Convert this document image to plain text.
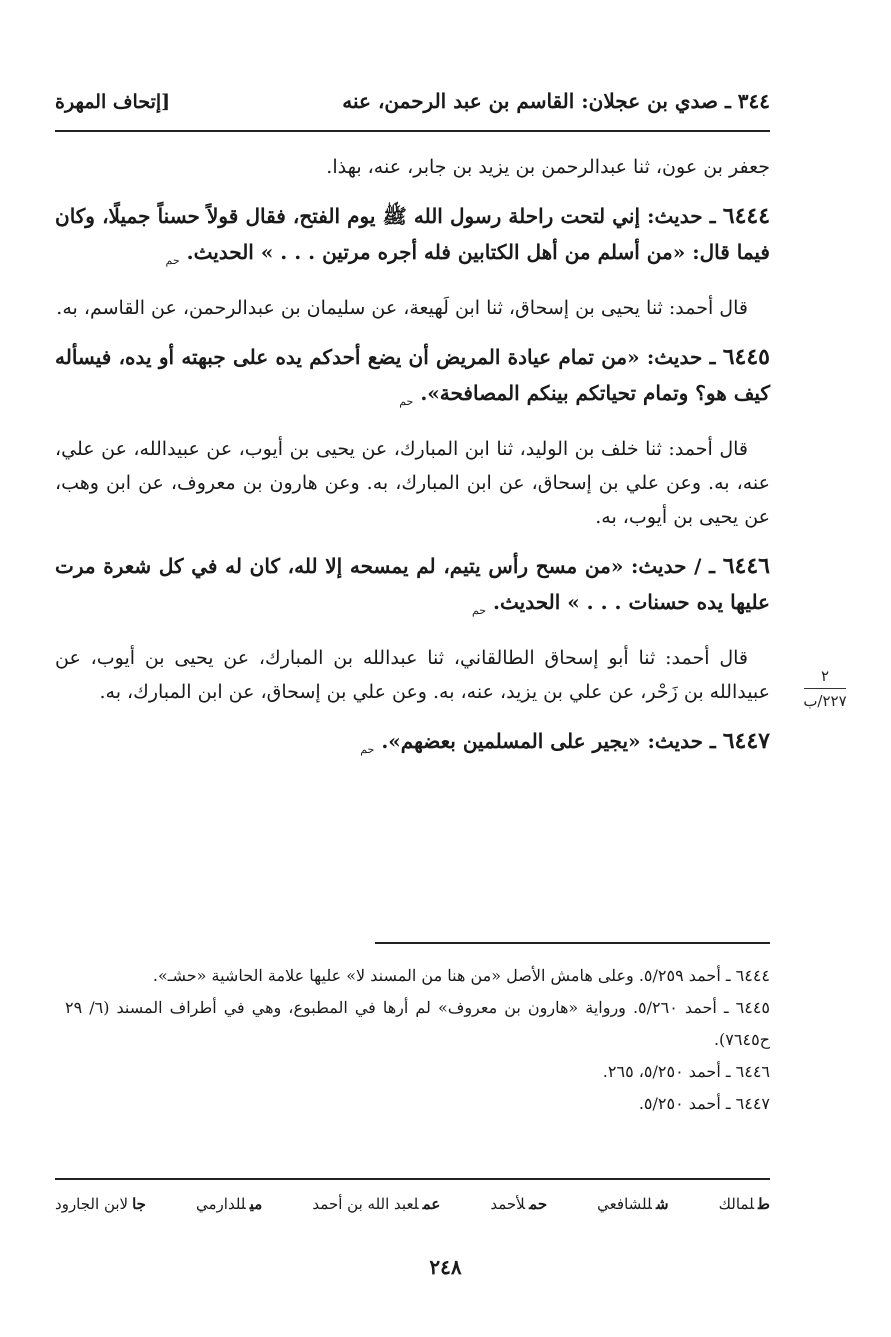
٣٤٤ ـ صدي بن عجلان: القاسم بن عبد الرحمن، عنه
[إتحاف المهرة

جعفر بن عون، ثنا عبدالرحمن بن يزيد بن جابر، عنه، بهذا.

٦٤٤٤ ـ حديث: إني لتحت راحلة رسول الله ﷺ يوم الفتح، فقال قولاً حسناً جميلًا، وكان فيما قال: «من أسلم من أهل الكتابين فله أجره مرتين . . . » الحديث. $_{حم}$

قال أحمد: ثنا يحيى بن إسحاق، ثنا ابن لَهيعة، عن سليمان بن عبدالرحمن، عن القاسم، به.

٦٤٤٥ ـ حديث: «من تمام عيادة المريض أن يضع أحدكم يده على جبهته أو يده، فيسأله كيف هو؟ وتمام تحياتكم بينكم المصافحة». $_{حم}$

قال أحمد: ثنا خلف بن الوليد، ثنا ابن المبارك، عن يحيى بن أيوب، عن عبيدالله، عن علي، عنه، به. وعن علي بن إسحاق، عن ابن المبارك، به. وعن هارون بن معروف، عن ابن وهب، عن يحيى بن أيوب، به.

٦٤٤٦ ـ / حديث: «من مسح رأس يتيم، لم يمسحه إلا لله، كان له في كل شعرة مرت عليها يده حسنات . . . » الحديث. $_{حم}$

قال أحمد: ثنا أبو إسحاق الطالقاني، ثنا عبدالله بن المبارك، عن يحيى بن أيوب، عن عبيدالله بن زَحْر، عن علي بن يزيد، عنه، به. وعن علي بن إسحاق، عن ابن المبارك، به.

٦٤٤٧ ـ حديث: «يجير على المسلمين بعضهم». $_{حم}$

٢
٢٢٧/ب

٦٤٤٤ ـ أحمد ٥/٢٥٩. وعلى هامش الأصل «من هنا من المسند لا» عليها علامة الحاشية «حشـ».

٦٤٤٥ ـ أحمد ٥/٢٦٠. ورواية «هارون بن معروف» لم أرها في المطبوع، وهي في أطراف المسند (٦/ ٢٩ ح٧٦٤٥).

٦٤٤٦ ـ أحمد ٥/٢٥٠، ٢٦٥.

٦٤٤٧ ـ أحمد ٥/٢٥٠.

طلمالك
شللشافعي
حملأحمد
عملعبد الله بن أحمد
ميللدارمي
جالابن الجارود
٢٤٨
